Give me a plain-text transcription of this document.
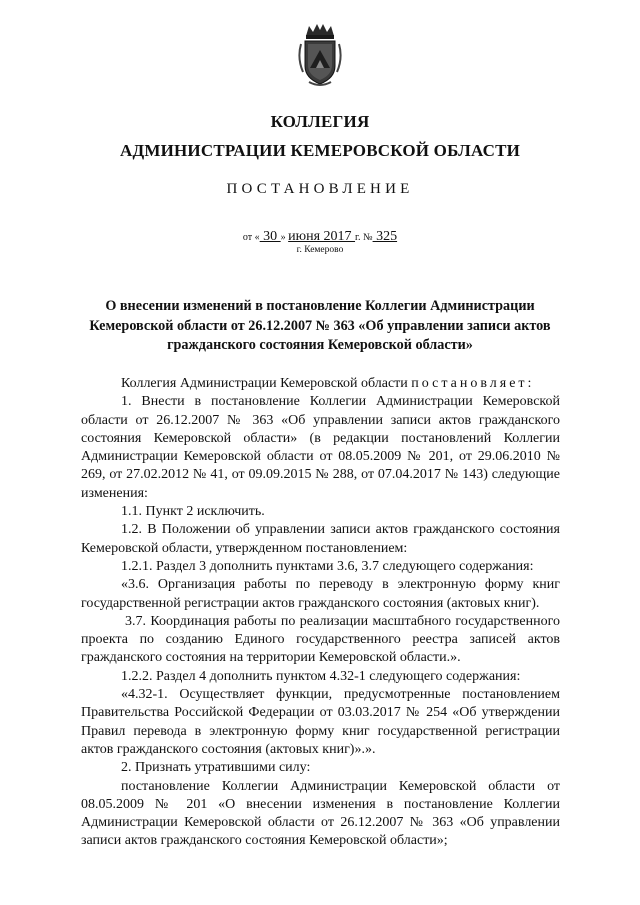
КОЛЛЕГИЯ
АДМИНИСТРАЦИИ КЕМЕРОВСКОЙ ОБЛАСТИ
ПОСТАНОВЛЕНИЕ
от « 30 » июня 2017 г. № 325
г. Кемерово
О внесении изменений в постановление Коллегии Администрации Кемеровской области от 26.12.2007 № 363 «Об управлении записи актов гражданского состояния Кемеровской области»

Коллегия Администрации Кемеровской области постановляет:

1. Внести в постановление Коллегии Администрации Кемеровской области от 26.12.2007 № 363 «Об управлении записи актов гражданского состояния Кемеровской области» (в редакции постановлений Коллегии Администрации Кемеровской области от 08.05.2009 № 201, от 29.06.2010 № 269, от 27.02.2012 № 41, от 09.09.2015 № 288, от 07.04.2017 № 143) следующие изменения:

1.1. Пункт 2 исключить.

1.2. В Положении об управлении записи актов гражданского состояния Кемеровской области, утвержденном постановлением:

1.2.1. Раздел 3 дополнить пунктами 3.6, 3.7 следующего содержания:

«3.6. Организация работы по переводу в электронную форму книг государственной регистрации актов гражданского состояния (актовых книг).

3.7. Координация работы по реализации масштабного государственного проекта по созданию Единого государственного реестра записей актов гражданского состояния на территории Кемеровской области.».

1.2.2. Раздел 4 дополнить пунктом 4.32-1 следующего содержания:

«4.32-1. Осуществляет функции, предусмотренные постановлением Правительства Российской Федерации от 03.03.2017 № 254 «Об утверждении Правил перевода в электронную форму книг государственной регистрации актов гражданского состояния (актовых книг)».».

2. Признать утратившими силу:

постановление Коллегии Администрации Кемеровской области от 08.05.2009 № 201 «О внесении изменения в постановление Коллегии Администрации Кемеровской области от 26.12.2007 № 363 «Об управлении записи актов гражданского состояния Кемеровской области»;
